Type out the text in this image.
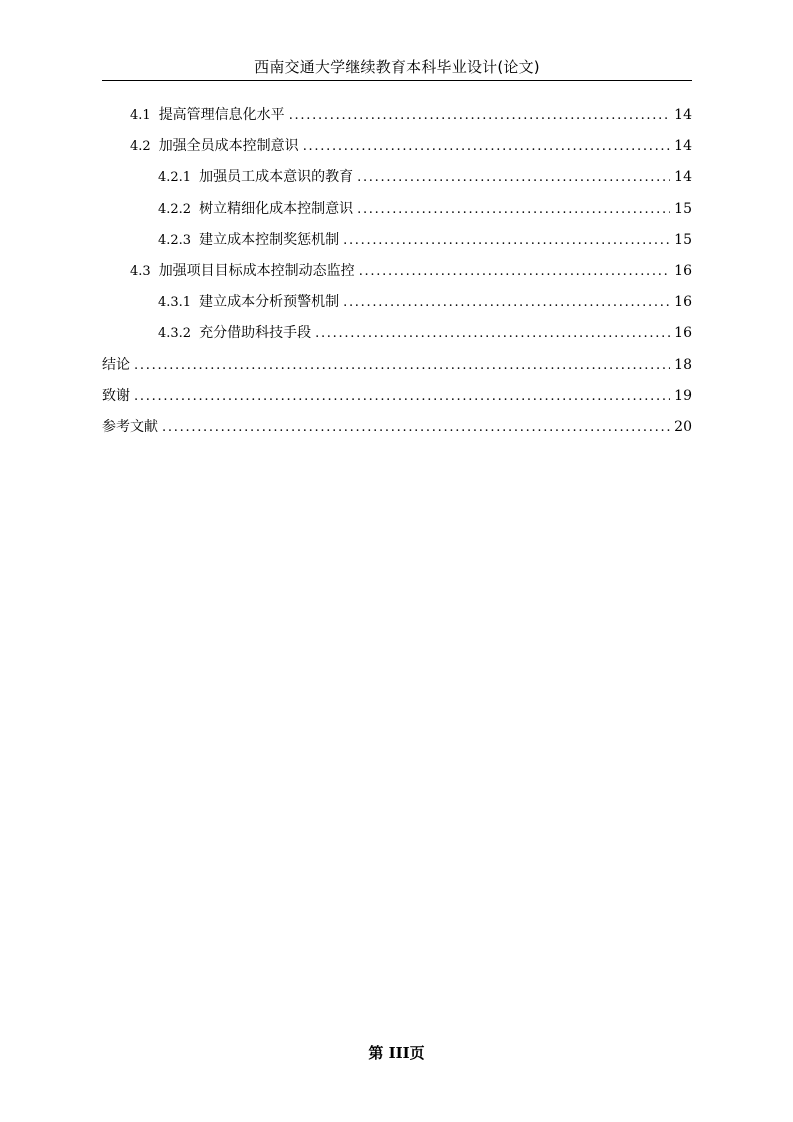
西南交通大学继续教育本科毕业设计(论文)
4.1 提高管理信息化水平 . . .	14
4.2 加强全员成本控制意识 . . .	14
4.2.1 加强员工成本意识的教育 . . .	14
4.2.2 树立精细化成本控制意识 . . .	15
4.2.3 建立成本控制奖惩机制 . . .	15
4.3 加强项目目标成本控制动态监控 . . .	16
4.3.1 建立成本分析预警机制 . . .	16
4.3.2 充分借助科技手段 . . .	16
结论 . . .	18
致谢 . . .	19
参考文献 . . .	20
第 III页
